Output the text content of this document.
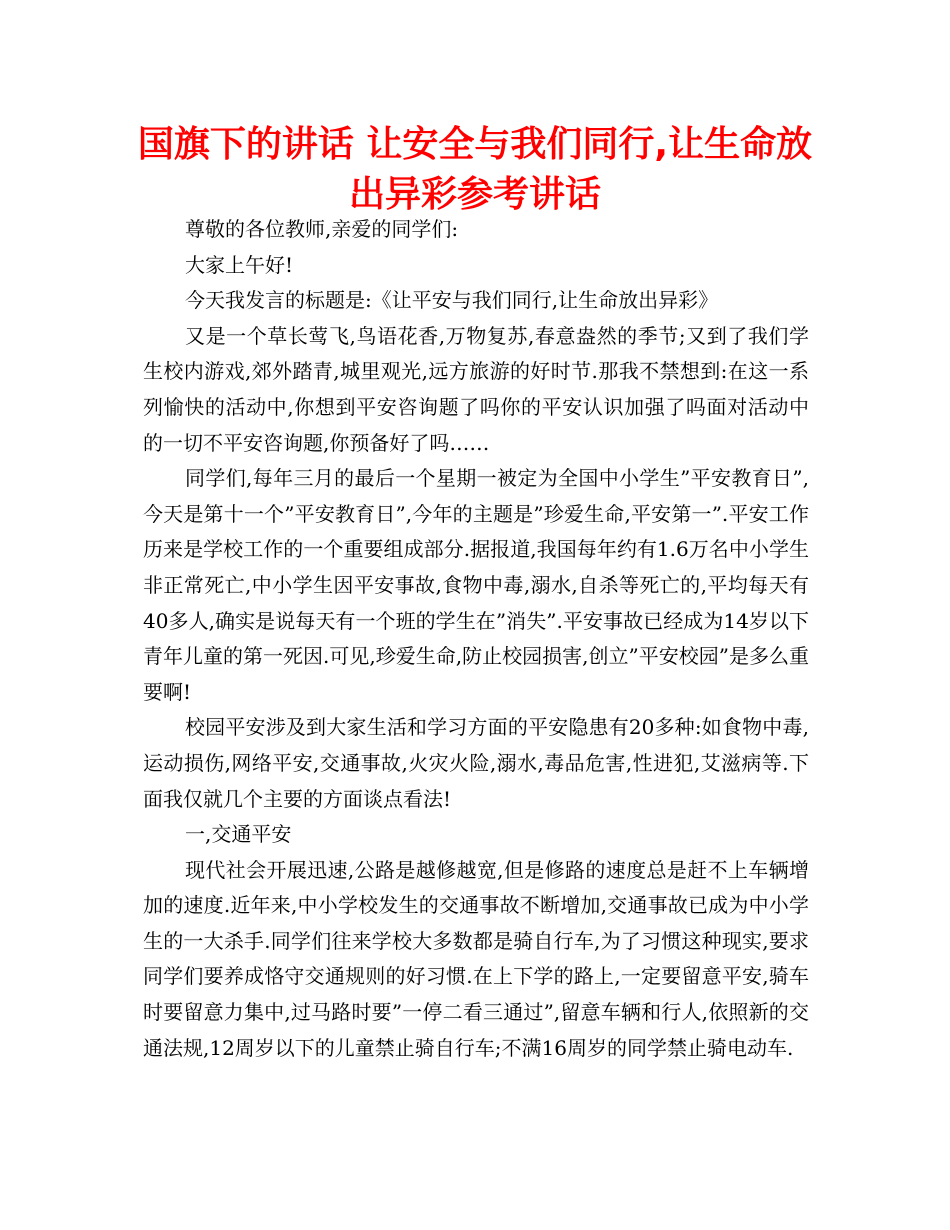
国旗下的讲话 让安全与我们同行,让生命放出异彩参考讲话

尊敬的各位教师,亲爱的同学们:

大家上午好!

今天我发言的标题是:《让平安与我们同行,让生命放出异彩》

又是一个草长莺飞,鸟语花香,万物复苏,春意盎然的季节;又到了我们学生校内游戏,郊外踏青,城里观光,远方旅游的好时节.那我不禁想到:在这一系列愉快的活动中,你想到平安咨询题了吗你的平安认识加强了吗面对活动中的一切不平安咨询题,你预备好了吗……

同学们,每年三月的最后一个星期一被定为全国中小学生”平安教育日”,今天是第十一个”平安教育日”,今年的主题是”珍爱生命,平安第一”.平安工作历来是学校工作的一个重要组成部分.据报道,我国每年约有1.6万名中小学生非正常死亡,中小学生因平安事故,食物中毒,溺水,自杀等死亡的,平均每天有40多人,确实是说每天有一个班的学生在”消失”.平安事故已经成为14岁以下青年儿童的第一死因.可见,珍爱生命,防止校园损害,创立”平安校园”是多么重要啊!

校园平安涉及到大家生活和学习方面的平安隐患有20多种:如食物中毒,运动损伤,网络平安,交通事故,火灾火险,溺水,毒品危害,性进犯,艾滋病等.下面我仅就几个主要的方面谈点看法!

一,交通平安

现代社会开展迅速,公路是越修越宽,但是修路的速度总是赶不上车辆增加的速度.近年来,中小学校发生的交通事故不断增加,交通事故已成为中小学生的一大杀手.同学们往来学校大多数都是骑自行车,为了习惯这种现实,要求同学们要养成恪守交通规则的好习惯.在上下学的路上,一定要留意平安,骑车时要留意力集中,过马路时要”一停二看三通过”,留意车辆和行人,依照新的交通法规,12周岁以下的儿童禁止骑自行车;不满16周岁的同学禁止骑电动车.
